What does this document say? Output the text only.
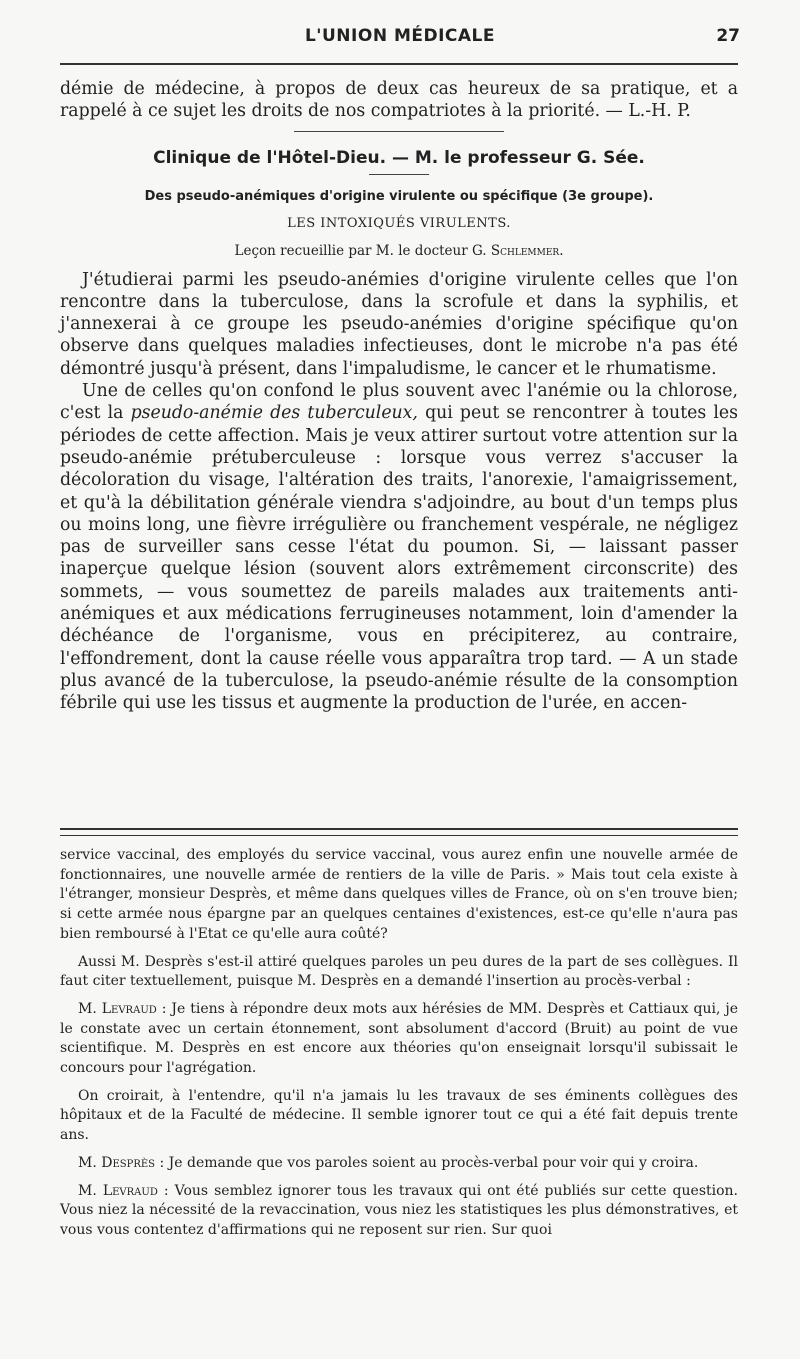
L'UNION MÉDICALE	27

démie de médecine, à propos de deux cas heureux de sa pratique, et a rappelé à ce sujet les droits de nos compatriotes à la priorité. — L.-H. P.

Clinique de l'Hôtel-Dieu. — M. le professeur G. Sée.
Des pseudo-anémiques d'origine virulente ou spécifique (3e groupe).
LES INTOXIQUÉS VIRULENTS.
Leçon recueillie par M. le docteur G. Schlemmer.

J'étudierai parmi les pseudo-anémies d'origine virulente celles que l'on rencontre dans la tuberculose, dans la scrofule et dans la syphilis, et j'annexerai à ce groupe les pseudo-anémies d'origine spécifique qu'on observe dans quelques maladies infectieuses, dont le microbe n'a pas été démontré jusqu'à présent, dans l'impaludisme, le cancer et le rhumatisme.

Une de celles qu'on confond le plus souvent avec l'anémie ou la chlorose, c'est la pseudo-anémie des tuberculeux, qui peut se rencontrer à toutes les périodes de cette affection. Mais je veux attirer surtout votre attention sur la pseudo-anémie prétuberculeuse : lorsque vous verrez s'accuser la décoloration du visage, l'altération des traits, l'anorexie, l'amaigrissement, et qu'à la débilitation générale viendra s'adjoindre, au bout d'un temps plus ou moins long, une fièvre irrégulière ou franchement vespérale, ne négligez pas de surveiller sans cesse l'état du poumon. Si, — laissant passer inaperçue quelque lésion (souvent alors extrêmement circonscrite) des sommets, — vous soumettez de pareils malades aux traitements anti-anémiques et aux médications ferrugineuses notamment, loin d'amender la déchéance de l'organisme, vous en précipiterez, au contraire, l'effondrement, dont la cause réelle vous apparaîtra trop tard. — A un stade plus avancé de la tuberculose, la pseudo-anémie résulte de la consomption fébrile qui use les tissus et augmente la production de l'urée, en accen-

service vaccinal, des employés du service vaccinal, vous aurez enfin une nouvelle armée de fonctionnaires, une nouvelle armée de rentiers de la ville de Paris. » Mais tout cela existe à l'étranger, monsieur Desprès, et même dans quelques villes de France, où on s'en trouve bien; si cette armée nous épargne par an quelques centaines d'existences, est-ce qu'elle n'aura pas bien remboursé à l'Etat ce qu'elle aura coûté?

Aussi M. Desprès s'est-il attiré quelques paroles un peu dures de la part de ses collègues. Il faut citer textuellement, puisque M. Desprès en a demandé l'insertion au procès-verbal :

M. Levraud : Je tiens à répondre deux mots aux hérésies de MM. Desprès et Cattiaux qui, je le constate avec un certain étonnement, sont absolument d'accord (Bruit) au point de vue scientifique. M. Desprès en est encore aux théories qu'on enseignait lorsqu'il subissait le concours pour l'agrégation.

On croirait, à l'entendre, qu'il n'a jamais lu les travaux de ses éminents collègues des hôpitaux et de la Faculté de médecine. Il semble ignorer tout ce qui a été fait depuis trente ans.

M. Desprès : Je demande que vos paroles soient au procès-verbal pour voir qui y croira.

M. Levraud : Vous semblez ignorer tous les travaux qui ont été publiés sur cette question. Vous niez la nécessité de la revaccination, vous niez les statistiques les plus démonstratives, et vous vous contentez d'affirmations qui ne reposent sur rien. Sur quoi
